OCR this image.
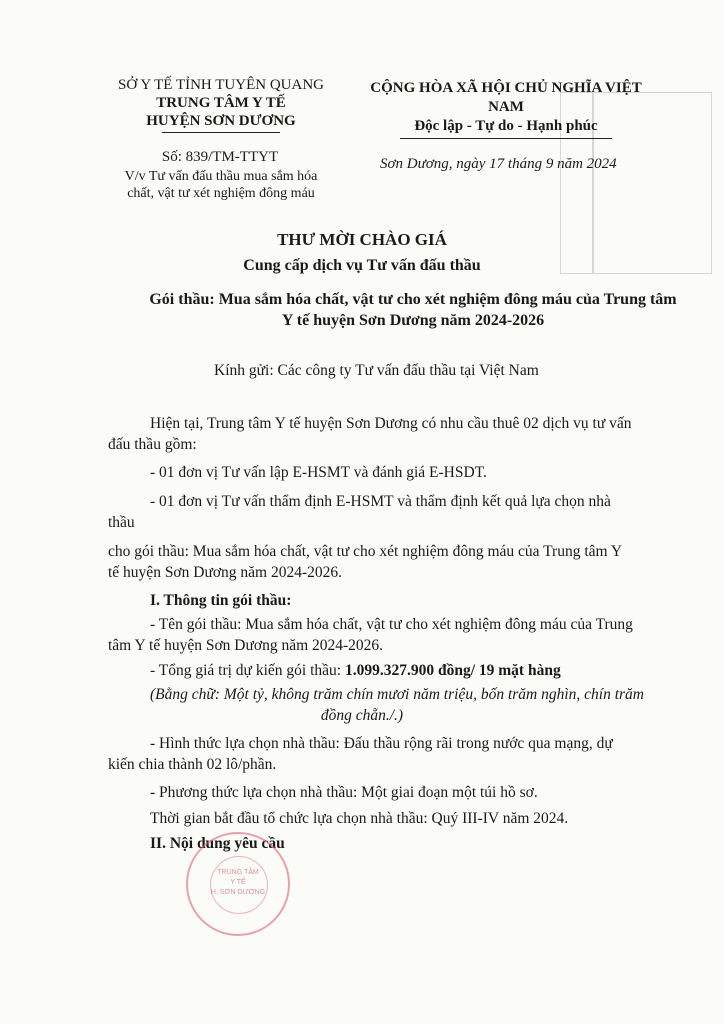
SỞ Y TẾ TỈNH TUYÊN QUANG
TRUNG TÂM Y TẾ
HUYỆN SƠN DƯƠNG
CỘNG HÒA XÃ HỘI CHỦ NGHĨA VIỆT NAM
Độc lập - Tự do - Hạnh phúc
Số: 839/TM-TTYT
V/v Tư vấn đấu thầu mua sắm hóa
chất, vật tư xét nghiệm đông máu
Sơn Dương, ngày 17 tháng 9 năm 2024
THƯ MỜI CHÀO GIÁ
Cung cấp dịch vụ Tư vấn đấu thầu
Gói thầu: Mua sắm hóa chất, vật tư cho xét nghiệm đông máu của Trung tâm
Y tế huyện Sơn Dương năm 2024-2026
Kính gửi: Các công ty Tư vấn đấu thầu tại Việt Nam
Hiện tại, Trung tâm Y tế huyện Sơn Dương có nhu cầu thuê 02 dịch vụ tư vấn
đấu thầu gồm:
- 01 đơn vị Tư vấn lập E-HSMT và đánh giá E-HSDT.
- 01 đơn vị Tư vấn thẩm định E-HSMT và thẩm định kết quả lựa chọn nhà
thầu
cho gói thầu: Mua sắm hóa chất, vật tư cho xét nghiệm đông máu của Trung tâm Y
tế huyện Sơn Dương năm 2024-2026.
I. Thông tin gói thầu:
- Tên gói thầu: Mua sắm hóa chất, vật tư cho xét nghiệm đông máu của Trung
tâm Y tế huyện Sơn Dương năm 2024-2026.
- Tổng giá trị dự kiến gói thầu: 1.099.327.900 đồng/ 19 mặt hàng
(Bằng chữ: Một tỷ, không trăm chín mươi năm triệu, bốn trăm nghìn, chín trăm
đồng chẵn./.)
- Hình thức lựa chọn nhà thầu: Đấu thầu rộng rãi trong nước qua mạng, dự
kiến chia thành 02 lô/phần.
- Phương thức lựa chọn nhà thầu: Một giai đoạn một túi hồ sơ.
Thời gian bắt đầu tổ chức lựa chọn nhà thầu: Quý III-IV năm 2024.
II. Nội dung yêu cầu
TRUNG TÂM
Y TẾ
H. SƠN DƯƠNG
